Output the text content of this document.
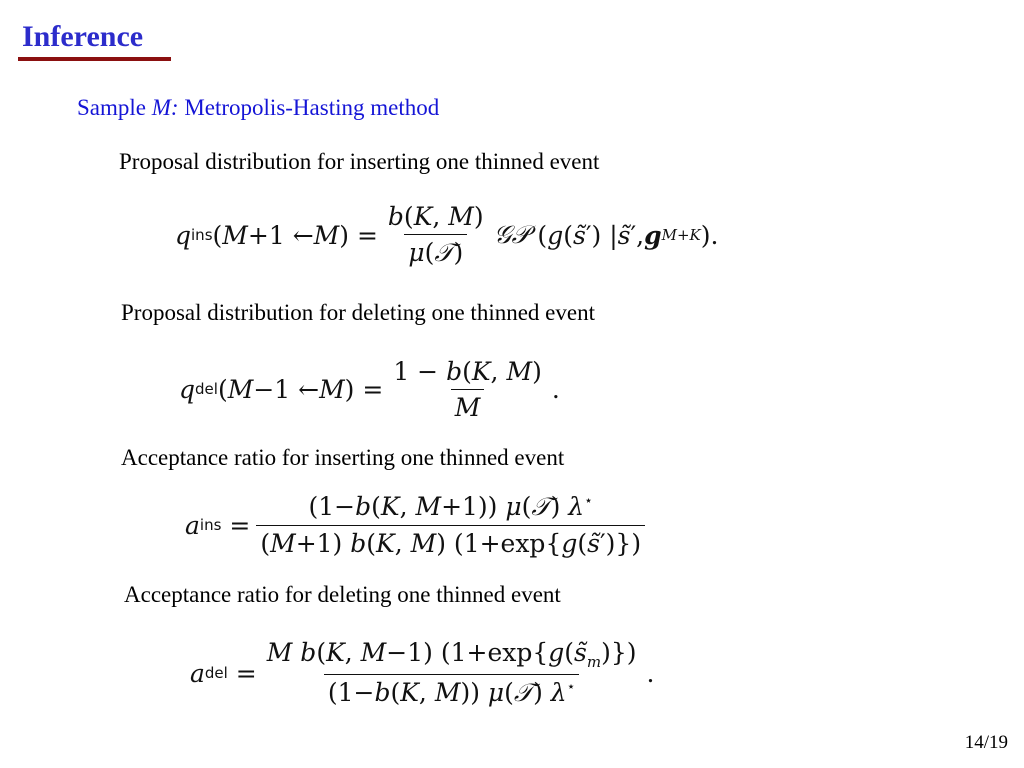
Inference
Sample M: Metropolis-Hasting method
Proposal distribution for inserting one thinned event
q ins ( M +1 ← M ) = $\frac{b(K, M)}{\text{μ(𝒯)}}$ 𝒢𝒫 ( g ( s̃ ′) | s̃ ′, g M+K ).
Proposal distribution for deleting one thinned event
q del ( M −1 ← M ) = $\frac{1 - b(K, M)}{M}$ .
Acceptance ratio for inserting one thinned event
a ins = $\frac{(1-b(K, M+1)) \mu(𝒯) \lambda^⋆}{(M+1) b(K, M) (1+\exp\{g(s̃')\})}$
Acceptance ratio for deleting one thinned event
a del = $\frac{M b(K, M-1) (1+\exp\{g(s̃_m)\})}{(1-b(K, M)) \mu(𝒯) \lambda^⋆}$ .
14/19
